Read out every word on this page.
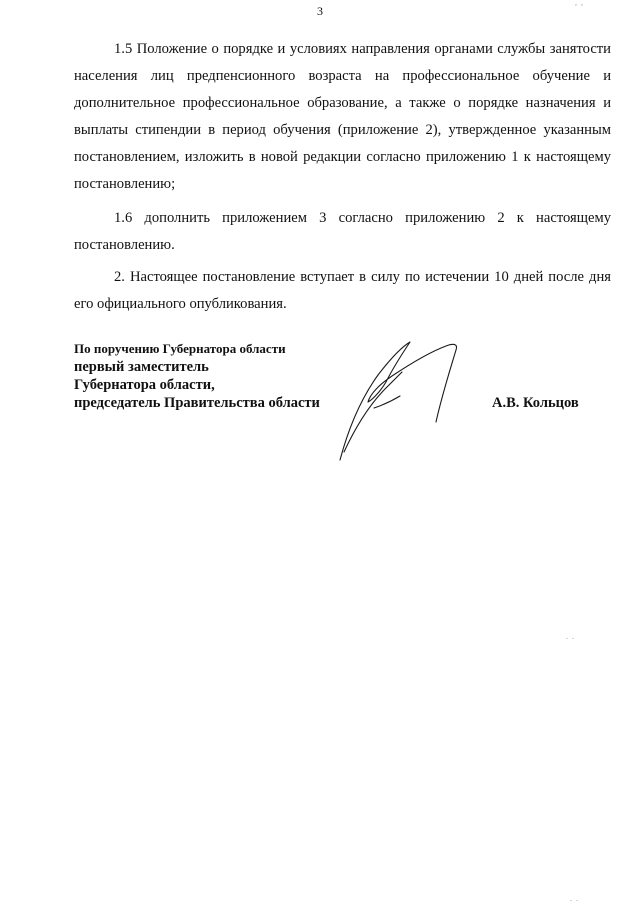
3
,  ,
.  .
.  .

1.5 Положение о порядке и условиях направления органами службы занятости населения лиц предпенсионного возраста на профессиональное обучение и дополнительное профессиональное образование, а также о порядке назначения и выплаты стипендии в период обучения (приложение 2), утвержденное указанным постановлением, изложить в новой редакции согласно приложению 1 к настоящему постановлению;

1.6 дополнить приложением 3 согласно приложению 2 к настоящему постановлению.

2. Настоящее постановление вступает в силу по истечении 10 дней после дня его официального опубликования.

По поручению Губернатора области
первый заместитель
Губернатора области,
председатель Правительства области	А.В. Кольцов
